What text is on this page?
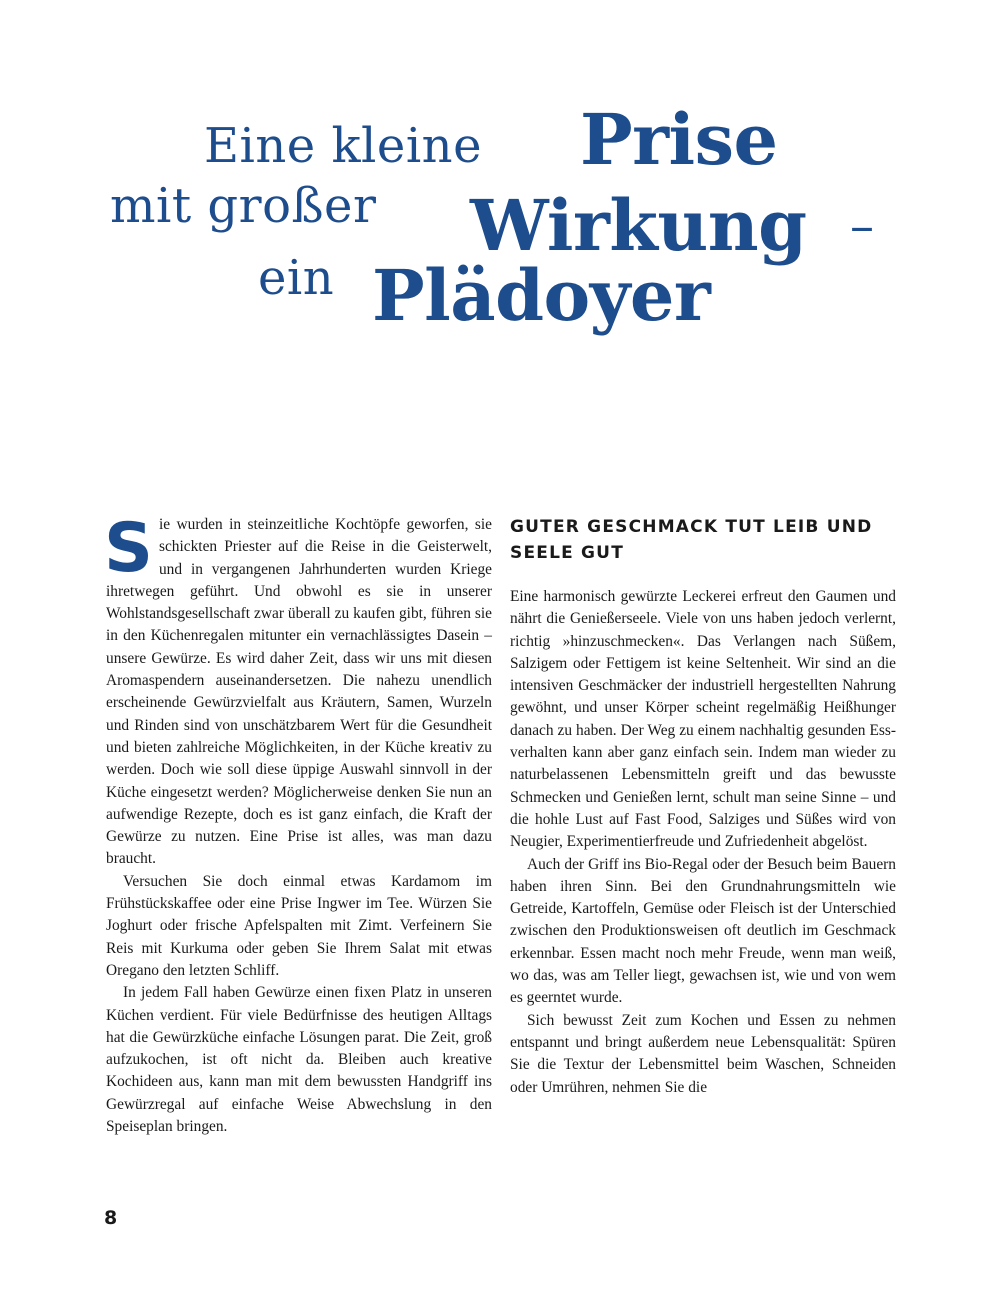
Eine kleine Prise
mit großer Wirkung –
ein Plädoyer

Sie wurden in steinzeitliche Kochtöpfe geworfen, sie schickten Priester auf die Reise in die Geisterwelt, und in vergangenen Jahrhunderten wurden Kriege ihretwegen geführt. Und obwohl es sie in unserer Wohlstandsgesellschaft zwar überall zu kaufen gibt, führen sie in den Küchenregalen mitunter ein vernachlässigtes Dasein – unsere Gewürze. Es wird daher Zeit, dass wir uns mit diesen Aromaspendern auseinandersetzen. Die nahezu unendlich erscheinende Gewürzvielfalt aus Kräutern, Samen, Wurzeln und Rinden sind von unschätzbarem Wert für die Gesundheit und bieten zahlreiche Möglichkeiten, in der Küche kreativ zu werden. Doch wie soll diese üppige Auswahl sinnvoll in der Küche eingesetzt werden? Möglicherweise denken Sie nun an aufwendige Rezepte, doch es ist ganz einfach, die Kraft der Gewürze zu nutzen. Eine Prise ist alles, was man dazu braucht.

Versuchen Sie doch einmal etwas Kardamom im Frühstückskaffee oder eine Prise Ingwer im Tee. Würzen Sie Joghurt oder frische Apfelspalten mit Zimt. Verfeinern Sie Reis mit Kurkuma oder geben Sie Ihrem Salat mit etwas Oregano den letzten Schliff.

In jedem Fall haben Gewürze einen fixen Platz in unseren Küchen verdient. Für viele Bedürfnisse des heutigen Alltags hat die Gewürzküche einfache Lösungen parat. Die Zeit, groß aufzukochen, ist oft nicht da. Bleiben auch kreative Kochideen aus, kann man mit dem bewussten Handgriff ins Gewürzregal auf einfache Weise Abwechslung in den Speiseplan bringen.

GUTER GESCHMACK TUT LEIB UND SEELE GUT

Eine harmonisch gewürzte Leckerei erfreut den Gaumen und nährt die Genießerseele. Viele von uns haben jedoch verlernt, richtig »hinzuschmecken«. Das Verlangen nach Süßem, Salzigem oder Fettigem ist keine Seltenheit. Wir sind an die intensiven Geschmäcker der industriell hergestellten Nahrung gewöhnt, und unser Körper scheint regelmäßig Heißhunger danach zu haben. Der Weg zu einem nachhaltig gesunden Essverhalten kann aber ganz einfach sein. Indem man wieder zu naturbelassenen Lebensmitteln greift und das bewusste Schmecken und Genießen lernt, schult man seine Sinne – und die hohle Lust auf Fast Food, Salziges und Süßes wird von Neugier, Experimentierfreude und Zufriedenheit abgelöst.

Auch der Griff ins Bio-Regal oder der Besuch beim Bauern haben ihren Sinn. Bei den Grundnahrungsmitteln wie Getreide, Kartoffeln, Gemüse oder Fleisch ist der Unterschied zwischen den Produktionsweisen oft deutlich im Geschmack erkennbar. Essen macht noch mehr Freude, wenn man weiß, wo das, was am Teller liegt, gewachsen ist, wie und von wem es geerntet wurde.

Sich bewusst Zeit zum Kochen und Essen zu nehmen entspannt und bringt außerdem neue Lebensqualität: Spüren Sie die Textur der Lebensmittel beim Waschen, Schneiden oder Umrühren, nehmen Sie die

8
